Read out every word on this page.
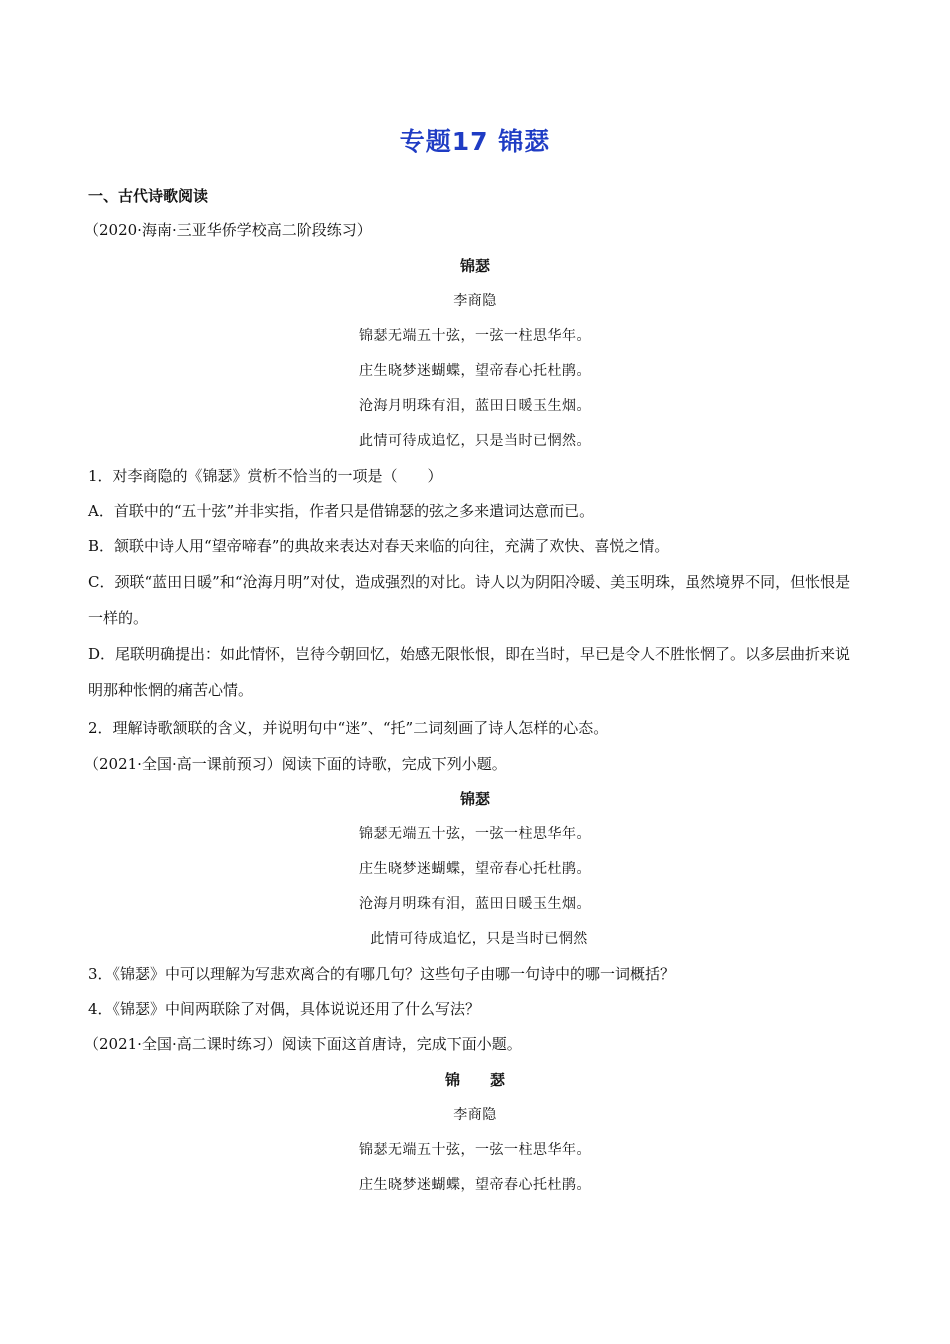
专题17 锦瑟
一、古代诗歌阅读
（2020·海南·三亚华侨学校高二阶段练习）
锦瑟
李商隐
锦瑟无端五十弦，一弦一柱思华年。
庄生晓梦迷蝴蝶，望帝春心托杜鹃。
沧海月明珠有泪，蓝田日暖玉生烟。
此情可待成追忆，只是当时已惘然。
1．对李商隐的《锦瑟》赏析不恰当的一项是（　　）
A．首联中的“五十弦”并非实指，作者只是借锦瑟的弦之多来遣词达意而已。
B．颔联中诗人用“望帝啼春”的典故来表达对春天来临的向往，充满了欢快、喜悦之情。
C．颈联“蓝田日暖”和“沧海月明”对仗，造成强烈的对比。诗人以为阴阳冷暖、美玉明珠，虽然境界不同，但怅恨是一样的。
D．尾联明确提出：如此情怀，岂待今朝回忆，始感无限怅恨，即在当时，早已是令人不胜怅惘了。以多层曲折来说明那种怅惘的痛苦心情。
2．理解诗歌颔联的含义，并说明句中“迷”、“托”二词刻画了诗人怎样的心态。
（2021·全国·高一课前预习）阅读下面的诗歌，完成下列小题。
锦瑟
锦瑟无端五十弦，一弦一柱思华年。
庄生晓梦迷蝴蝶，望帝春心托杜鹃。
沧海月明珠有泪，蓝田日暖玉生烟。
此情可待成追忆，只是当时已惘然
3．《锦瑟》中可以理解为写悲欢离合的有哪几句？这些句子由哪一句诗中的哪一词概括？
4．《锦瑟》中间两联除了对偶，具体说说还用了什么写法？
（2021·全国·高二课时练习）阅读下面这首唐诗，完成下面小题。
锦　　瑟
李商隐
锦瑟无端五十弦，一弦一柱思华年。
庄生晓梦迷蝴蝶，望帝春心托杜鹃。
